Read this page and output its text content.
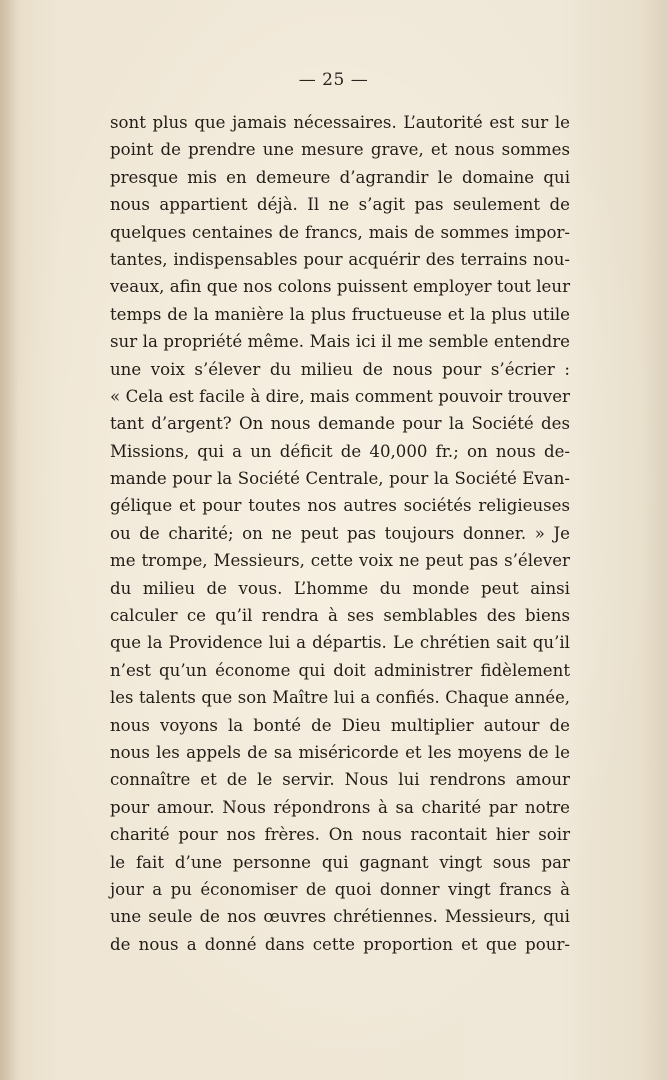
— 25 —
sont plus que jamais nécessaires. L’autorité est sur le
point de prendre une mesure grave, et nous sommes
presque mis en demeure d’agrandir le domaine qui
nous appartient déjà. Il ne s’agit pas seulement de
quelques centaines de francs, mais de sommes impor-
tantes, indispensables pour acquérir des terrains nou-
veaux, afin que nos colons puissent employer tout leur
temps de la manière la plus fructueuse et la plus utile
sur la propriété même. Mais ici il me semble entendre
une voix s’élever du milieu de nous pour s’écrier :
« Cela est facile à dire, mais comment pouvoir trouver
tant d’argent? On nous demande pour la Société des
Missions, qui a un déficit de 40,000 fr.; on nous de-
mande pour la Société Centrale, pour la Société Evan-
gélique et pour toutes nos autres sociétés religieuses
ou de charité; on ne peut pas toujours donner. » Je
me trompe, Messieurs, cette voix ne peut pas s’élever
du milieu de vous. L’homme du monde peut ainsi
calculer ce qu’il rendra à ses semblables des biens
que la Providence lui a départis. Le chrétien sait qu’il
n’est qu’un économe qui doit administrer fidèlement
les talents que son Maître lui a confiés. Chaque année,
nous voyons la bonté de Dieu multiplier autour de
nous les appels de sa miséricorde et les moyens de le
connaître et de le servir. Nous lui rendrons amour
pour amour. Nous répondrons à sa charité par notre
charité pour nos frères. On nous racontait hier soir
le fait d’une personne qui gagnant vingt sous par
jour a pu économiser de quoi donner vingt francs à
une seule de nos œuvres chrétiennes. Messieurs, qui
de nous a donné dans cette proportion et que pour-
